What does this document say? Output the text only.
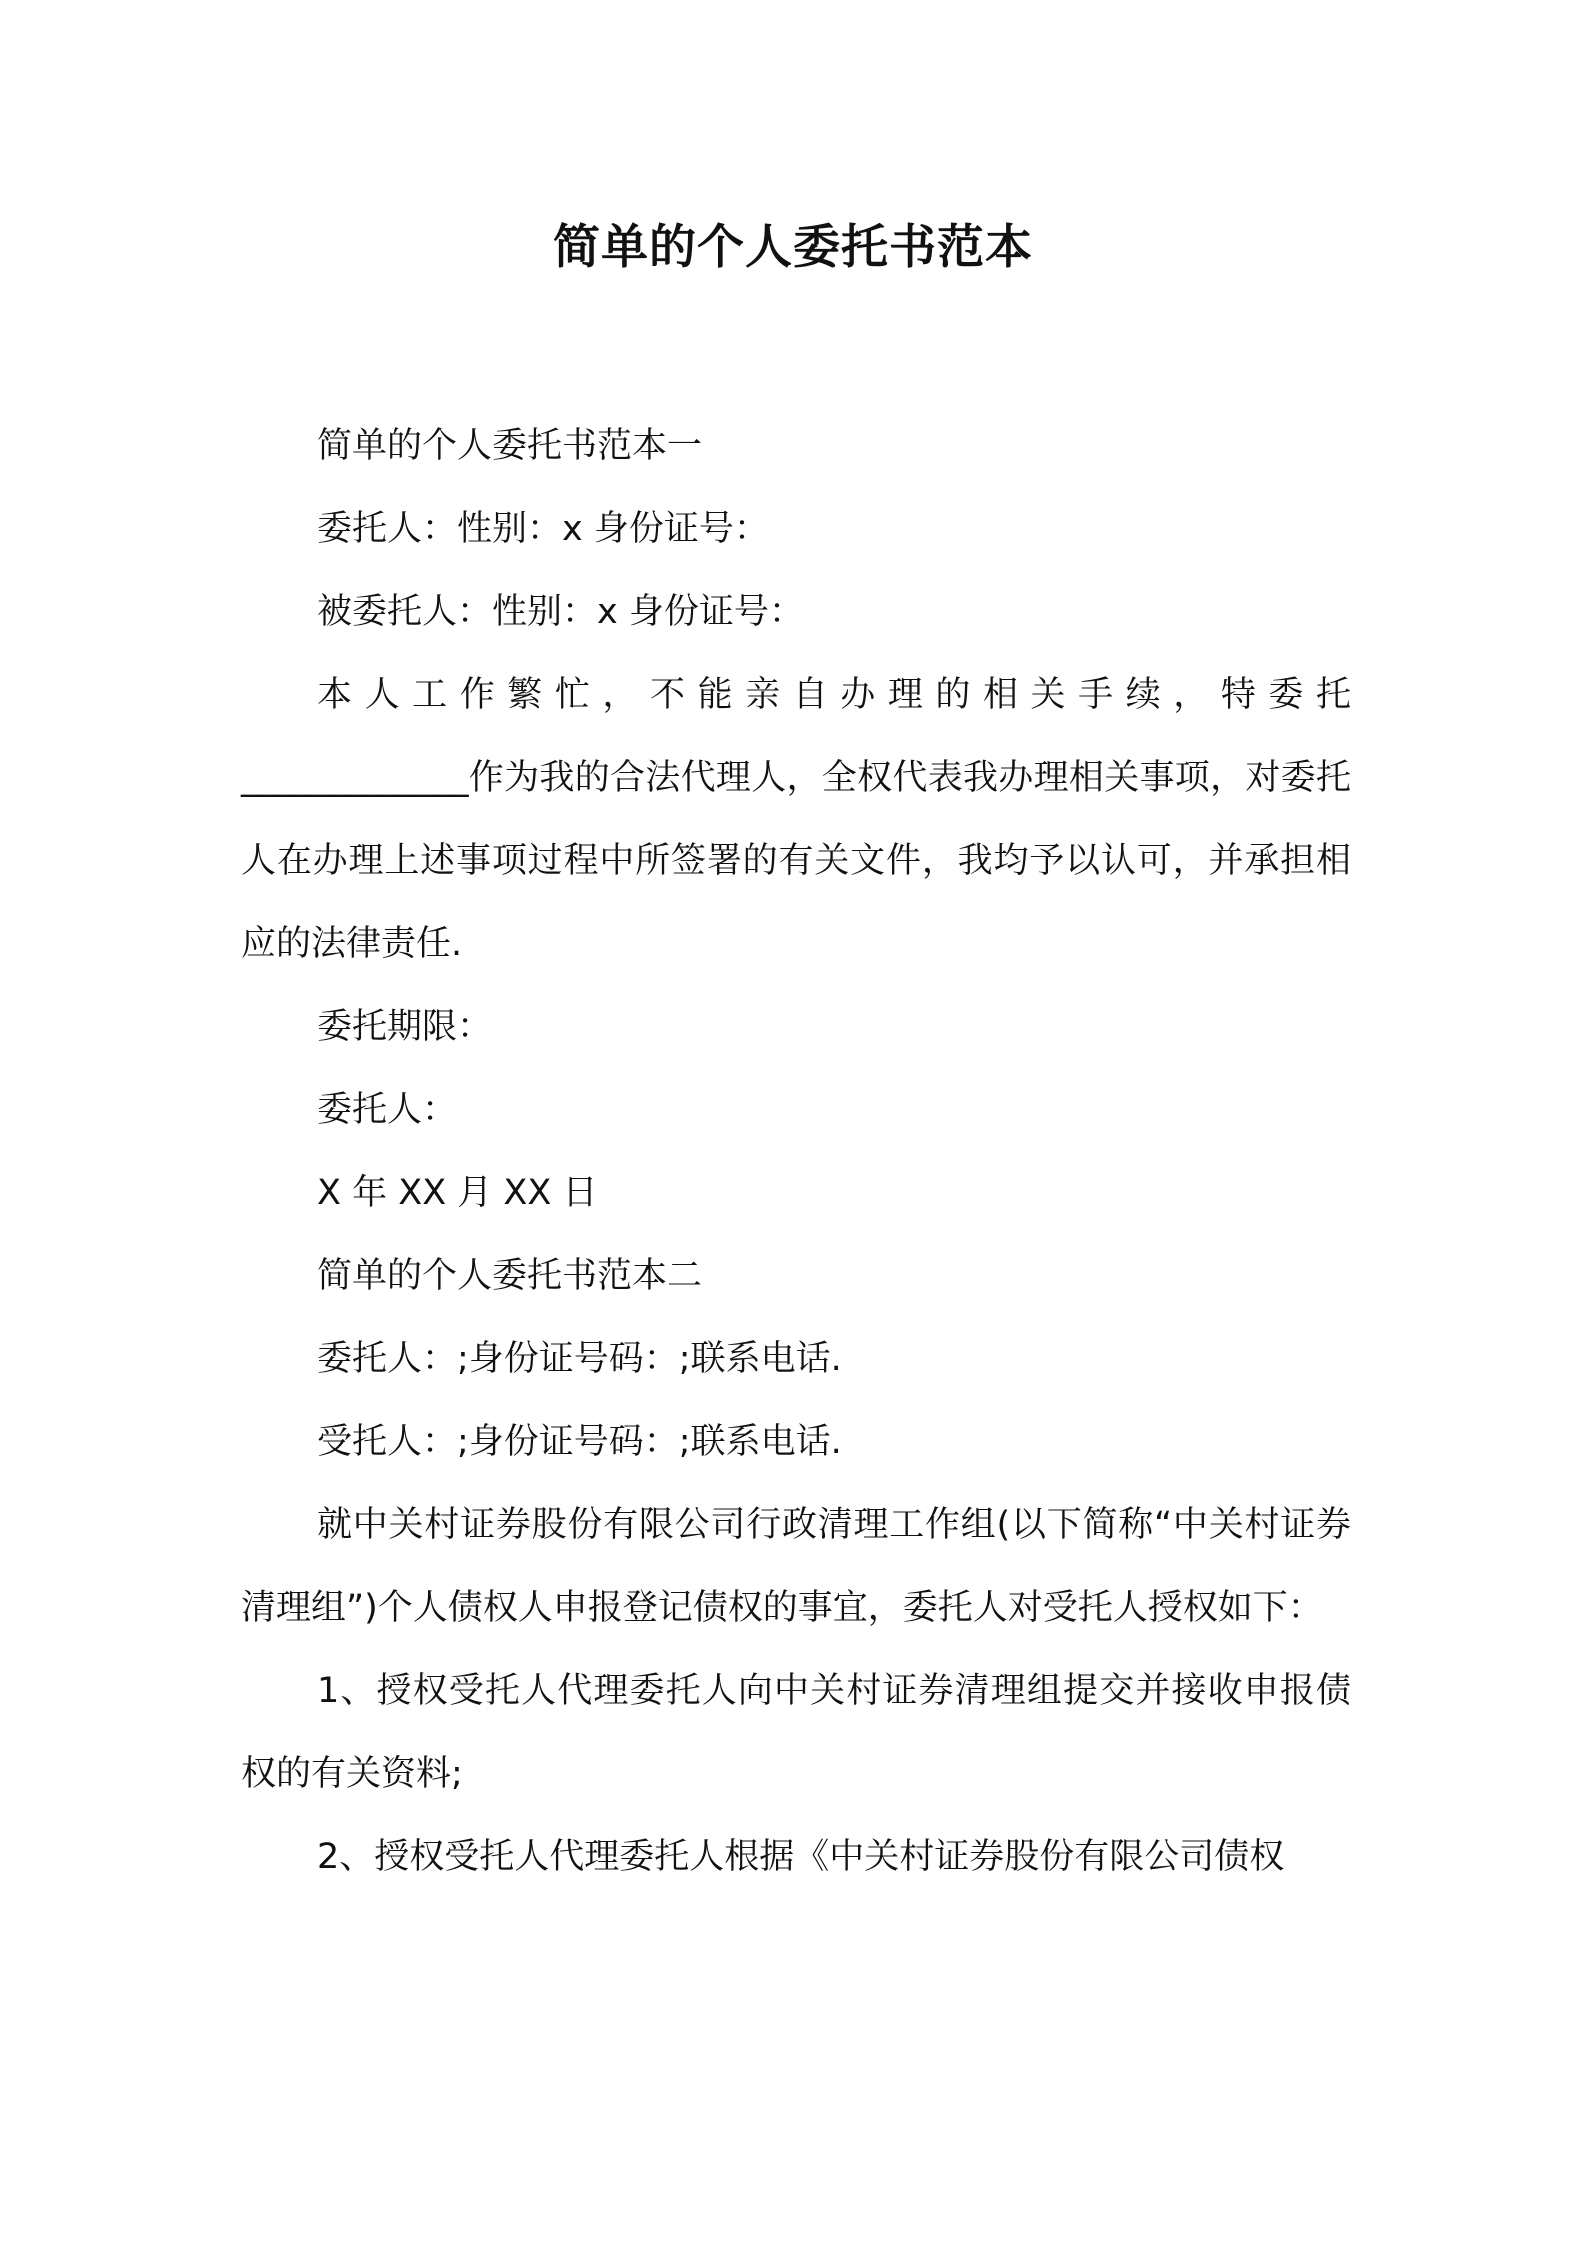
简单的个人委托书范本

简单的个人委托书范本一

委托人：性别：x 身份证号：

被委托人：性别：x 身份证号：

本人工作繁忙，不能亲自办理的相关手续，特委托

_____________作为我的合法代理人，全权代表我办理相关事项，对委托人在办理上述事项过程中所签署的有关文件，我均予以认可，并承担相应的法律责任.

委托期限：

委托人：

X 年 XX 月 XX 日

简单的个人委托书范本二

委托人：;身份证号码：;联系电话.

受托人：;身份证号码：;联系电话.

就中关村证券股份有限公司行政清理工作组(以下简称“中关村证券清理组”)个人债权人申报登记债权的事宜，委托人对受托人授权如下：

1、授权受托人代理委托人向中关村证券清理组提交并接收申报债权的有关资料;

2、授权受托人代理委托人根据《中关村证券股份有限公司债权
